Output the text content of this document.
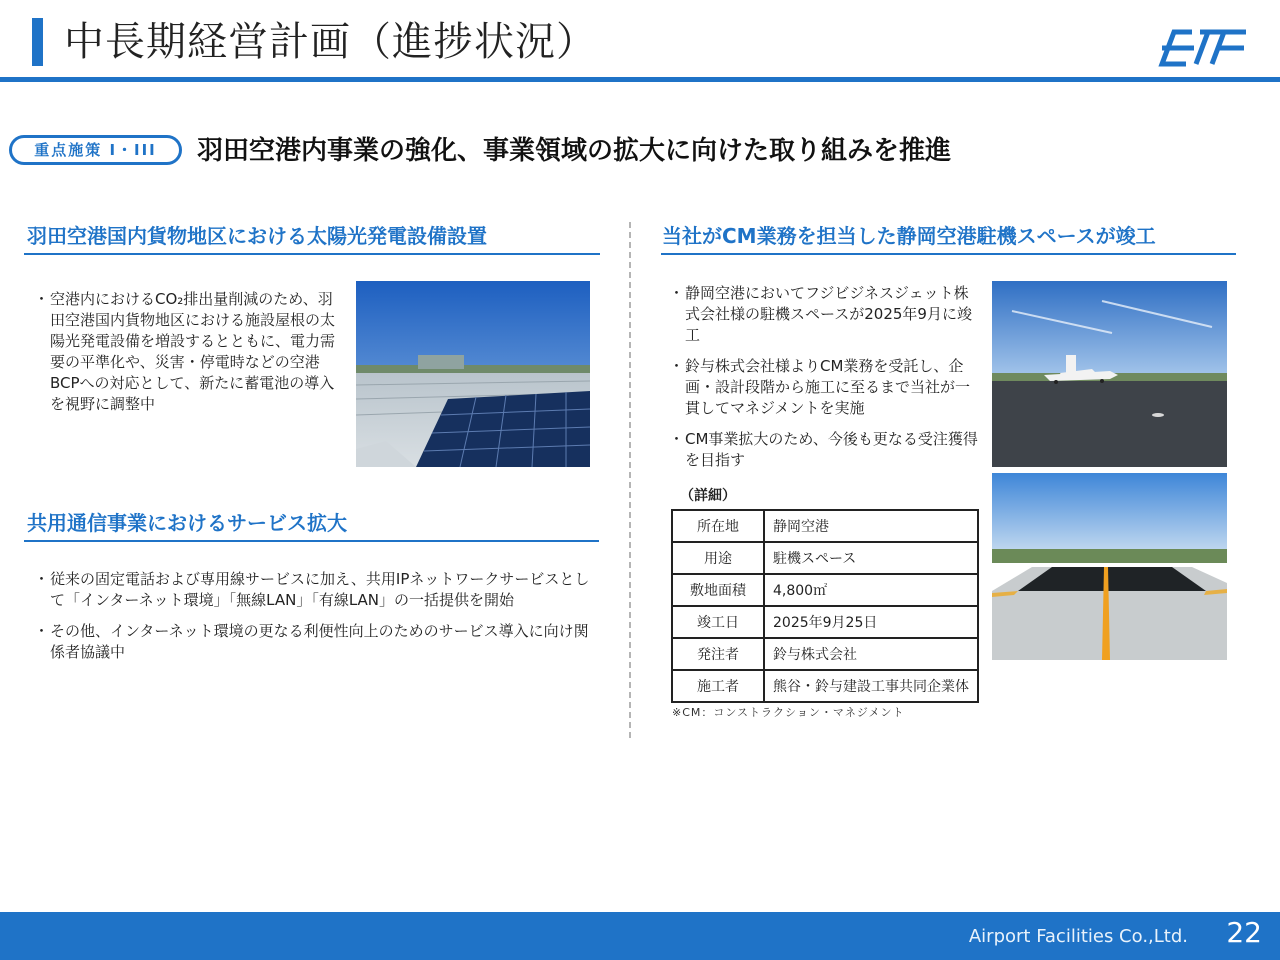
中長期経営計画（進捗状況）
重点施策 I・III	羽田空港内事業の強化、事業領域の拡大に向けた取り組みを推進
羽田空港国内貨物地区における太陽光発電設備設置
・ 空港内におけるCO₂排出量削減のため、羽田空港国内貨物地区における施設屋根の太陽光発電設備を増設するとともに、電力需要の平準化や、災害・停電時などの空港BCPへの対応として、新たに蓄電池の導入を視野に調整中
共用通信事業におけるサービス拡大
・ 従来の固定電話および専用線サービスに加え、共用IPネットワークサービスとして「インターネット環境」「無線LAN」「有線LAN」の一括提供を開始
・ その他、インターネット環境の更なる利便性向上のためのサービス導入に向け関係者協議中
当社がCM業務を担当した静岡空港駐機スペースが竣工
・ 静岡空港においてフジビジネスジェット株式会社様の駐機スペースが2025年9月に竣工
・ 鈴与株式会社様よりCM業務を受託し、企画・設計段階から施工に至るまで当社が一貫してマネジメントを実施
・ CM事業拡大のため、今後も更なる受注獲得を目指す
（詳細）
所在地	静岡空港
用途	駐機スペース
敷地面積	4,800㎡
竣工日	2025年9月25日
発注者	鈴与株式会社
施工者	熊谷・鈴与建設工事共同企業体
※CM：コンストラクション・マネジメント
Airport Facilities Co.,Ltd. 22
